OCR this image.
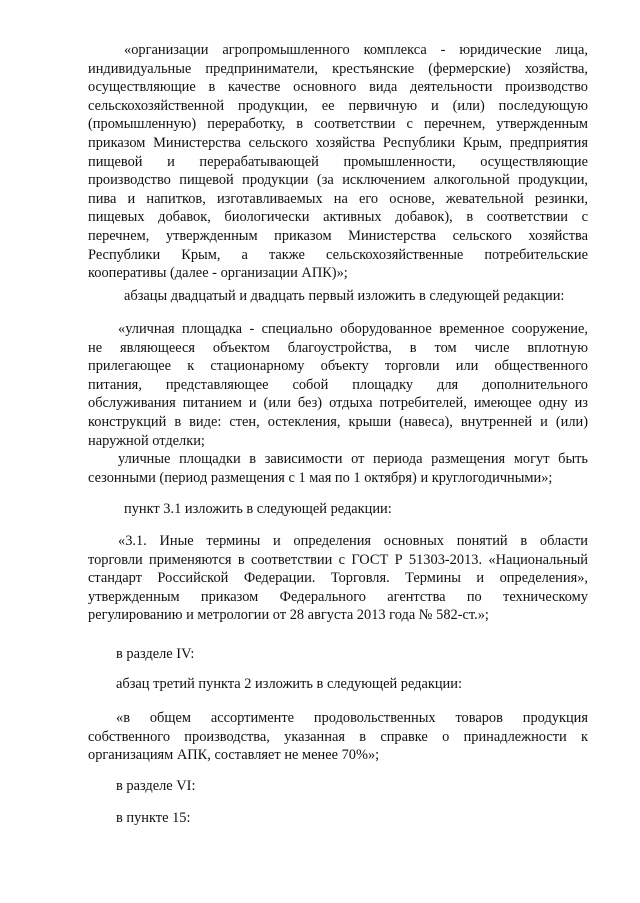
«организации агропромышленного комплекса - юридические лица,
индивидуальные предприниматели, крестьянские (фермерские) хозяйства,
осуществляющие в качестве основного вида деятельности производство
сельскохозяйственной продукции, ее первичную и (или) последующую
(промышленную) переработку, в соответствии с перечнем, утвержденным
приказом Министерства сельского хозяйства Республики Крым, предприятия
пищевой и перерабатывающей промышленности, осуществляющие
производство пищевой продукции (за исключением алкогольной продукции,
пива и напитков, изготавливаемых на его основе, жевательной резинки,
пищевых добавок, биологически активных добавок), в соответствии с
перечнем, утвержденным приказом Министерства сельского хозяйства
Республики Крым, а также сельскохозяйственные потребительские
кооперативы (далее - организации АПК)»;
абзацы двадцатый и двадцать первый изложить в следующей редакции:
«уличная площадка - специально оборудованное временное сооружение,
не являющееся объектом благоустройства, в том числе вплотную
прилегающее к стационарному объекту торговли или общественного
питания, представляющее собой площадку для дополнительного
обслуживания питанием и (или без) отдыха потребителей, имеющее одну из
конструкций в виде: стен, остекления, крыши (навеса), внутренней и (или)
наружной отделки;
уличные площадки в зависимости от периода размещения могут быть
сезонными (период размещения с 1 мая по 1 октября) и круглогодичными»;
пункт 3.1 изложить в следующей редакции:
«3.1. Иные термины и определения основных понятий в области
торговли применяются в соответствии с ГОСТ Р 51303-2013. «Национальный
стандарт Российской Федерации. Торговля. Термины и определения»,
утвержденным приказом Федерального агентства по техническому
регулированию и метрологии от 28 августа 2013 года № 582-ст.»;
в разделе IV:
абзац третий пункта 2 изложить в следующей редакции:
«в общем ассортименте продовольственных товаров продукция
собственного производства, указанная в справке о принадлежности к
организациям АПК, составляет не менее 70%»;
в разделе VI:
в пункте 15:
